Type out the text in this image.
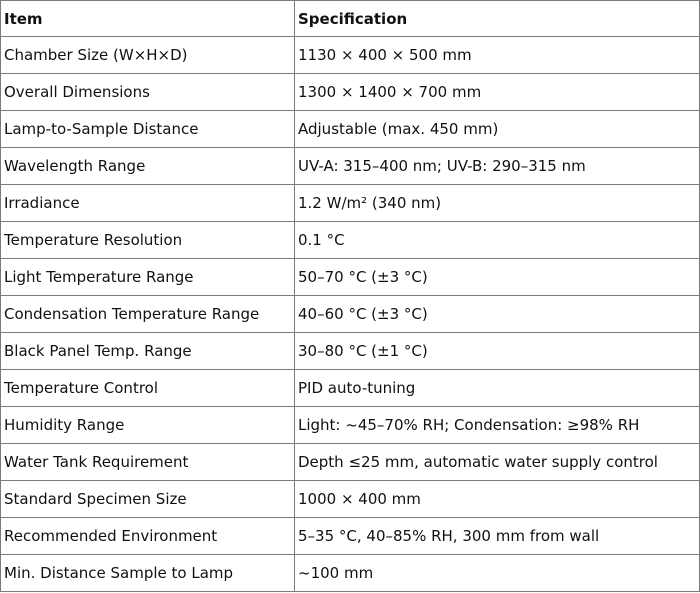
Item	Specification
Chamber Size (W×H×D)	1130 × 400 × 500 mm
Overall Dimensions	1300 × 1400 × 700 mm
Lamp-to-Sample Distance	Adjustable (max. 450 mm)
Wavelength Range	UV-A: 315–400 nm; UV-B: 290–315 nm
Irradiance	1.2 W/m² (340 nm)
Temperature Resolution	0.1 °C
Light Temperature Range	50–70 °C (±3 °C)
Condensation Temperature Range	40–60 °C (±3 °C)
Black Panel Temp. Range	30–80 °C (±1 °C)
Temperature Control	PID auto-tuning
Humidity Range	Light: ~45–70% RH; Condensation: ≥98% RH
Water Tank Requirement	Depth ≤25 mm, automatic water supply control
Standard Specimen Size	1000 × 400 mm
Recommended Environment	5–35 °C, 40–85% RH, 300 mm from wall
Min. Distance Sample to Lamp	~100 mm
